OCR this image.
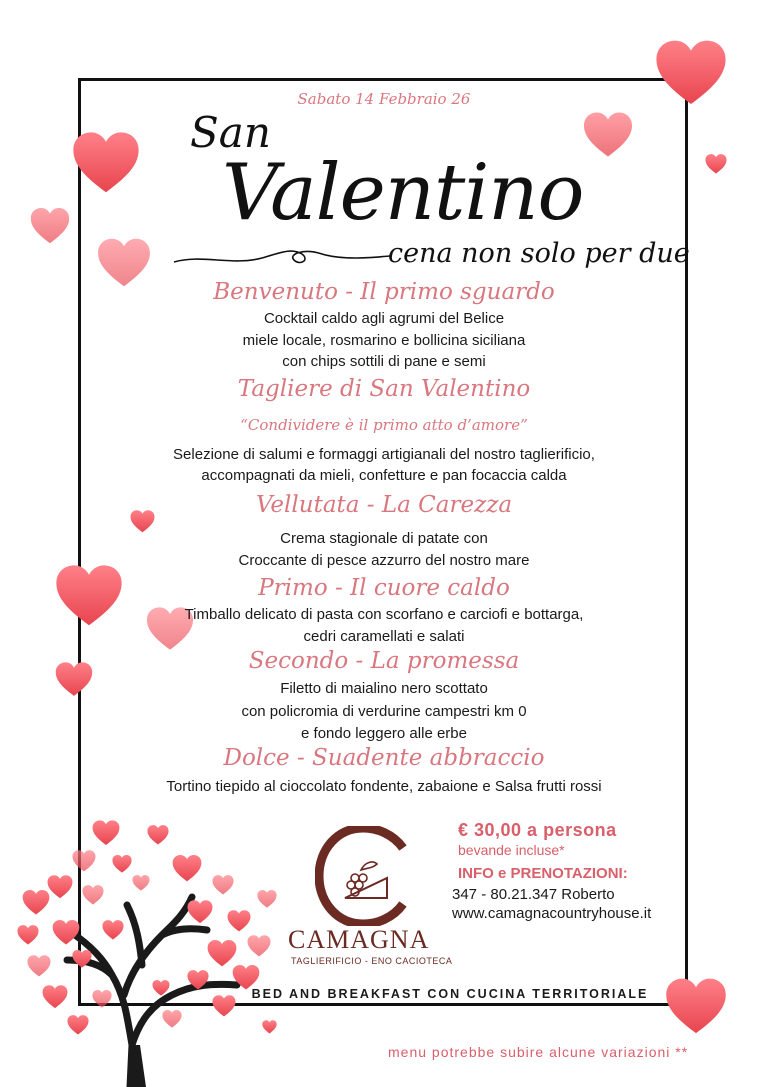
Sabato 14 Febbraio 26
San
Valentino
cena non solo per due
Benvenuto - Il primo sguardo
Cocktail caldo agli agrumi del Belice
miele locale, rosmarino e bollicina siciliana
con chips sottili di pane e semi
Tagliere di San Valentino
“Condividere è il primo atto d’amore”
Selezione di salumi e formaggi artigianali del nostro taglierificio,
accompagnati da mieli, confetture e pan focaccia calda
Vellutata - La Carezza
Crema stagionale di patate con
Croccante di pesce azzurro del nostro mare
Primo - Il cuore caldo
Timballo delicato di pasta con scorfano e carciofi e bottarga,
cedri caramellati e salati
Secondo - La promessa
Filetto di maialino nero scottato
con policromia di verdurine campestri km 0
e fondo leggero alle erbe
Dolce - Suadente abbraccio
Tortino tiepido al cioccolato fondente, zabaione e Salsa frutti rossi
CAMAGNA
TAGLIERIFICIO - ENO CACIOTECA
€ 30,00 a persona
bevande incluse*
INFO e PRENOTAZIONI:
347 - 80.21.347 Roberto
www.camagnacountryhouse.it
BED AND BREAKFAST CON CUCINA TERRITORIALE
menu potrebbe subire alcune variazioni **
